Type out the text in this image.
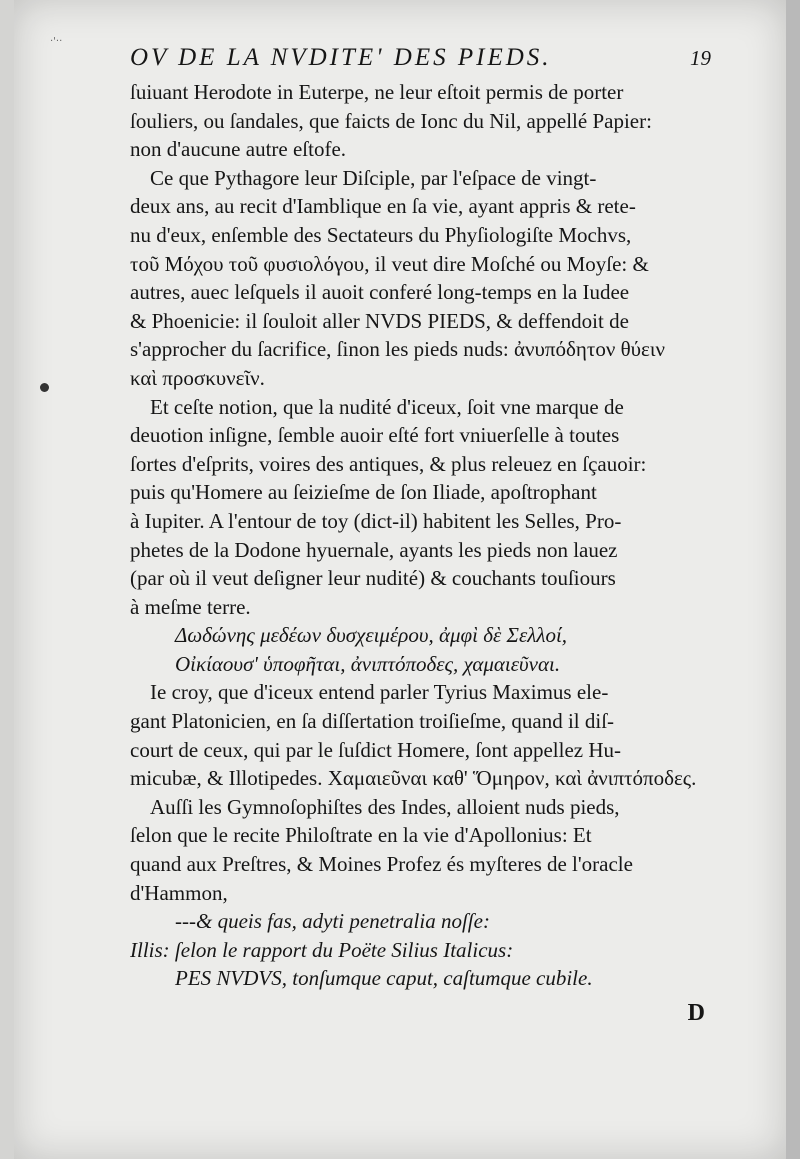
·'··
OV DE LA NVDITE' DES PIEDS.	19
ſuiuant Herodote in Euterpe, ne leur eſtoit permis de porter
ſouliers, ou ſandales, que faicts de Ionc du Nil, appellé Papier:
non d'aucune autre eſtofe.
Ce que Pythagore leur Diſciple, par l'eſpace de vingt-
deux ans, au recit d'Iamblique en ſa vie, ayant appris & rete-
nu d'eux, enſemble des Sectateurs du Phyſiologiſte Mochvs,
τοῦ Μόχου τοῦ φυσιολόγου, il veut dire Moſché ou Moyſe: &
autres, auec leſquels il auoit conferé long-temps en la Iudee
& Phoenicie: il ſouloit aller NVDS PIEDS, & deffendoit de
s'approcher du ſacrifice, ſinon les pieds nuds: ἀνυπόδητον θύειν
καὶ προσκυνεῖν.
Et ceſte notion, que la nudité d'iceux, ſoit vne marque de
deuotion inſigne, ſemble auoir eſté fort vniuerſelle à toutes
ſortes d'eſprits, voires des antiques, & plus releuez en ſçauoir:
puis qu'Homere au ſeizieſme de ſon Iliade, apoſtrophant
à Iupiter. A l'entour de toy (dict-il) habitent les Selles, Pro-
phetes de la Dodone hyuernale, ayants les pieds non lauez
(par où il veut deſigner leur nudité) & couchants touſiours
à meſme terre.
Δωδώνης μεδέων δυσχειμέρου, ἀμφὶ δὲ Σελλοί,
Οἰκίαουσ' ὑποφῆται, ἀνιπτόποδες, χαμαιεῦναι.
Ie croy, que d'iceux entend parler Tyrius Maximus ele-
gant Platonicien, en ſa diſſertation troiſieſme, quand il diſ-
court de ceux, qui par le ſuſdict Homere, ſont appellez Hu-
micubæ, & Illotipedes. Χαμαιεῦναι καθ' Ὅμηρον, καὶ ἀνιπτόποδες.
Auſſi les Gymnoſophiſtes des Indes, alloient nuds pieds,
ſelon que le recite Philoſtrate en la vie d'Apollonius: Et
quand aux Preſtres, & Moines Profez és myſteres de l'oracle
d'Hammon,
---& queis fas, adyti penetralia noſſe:
Illis: ſelon le rapport du Poëte Silius Italicus:
PES NVDVS, tonſumque caput, caſtumque cubile.
D
